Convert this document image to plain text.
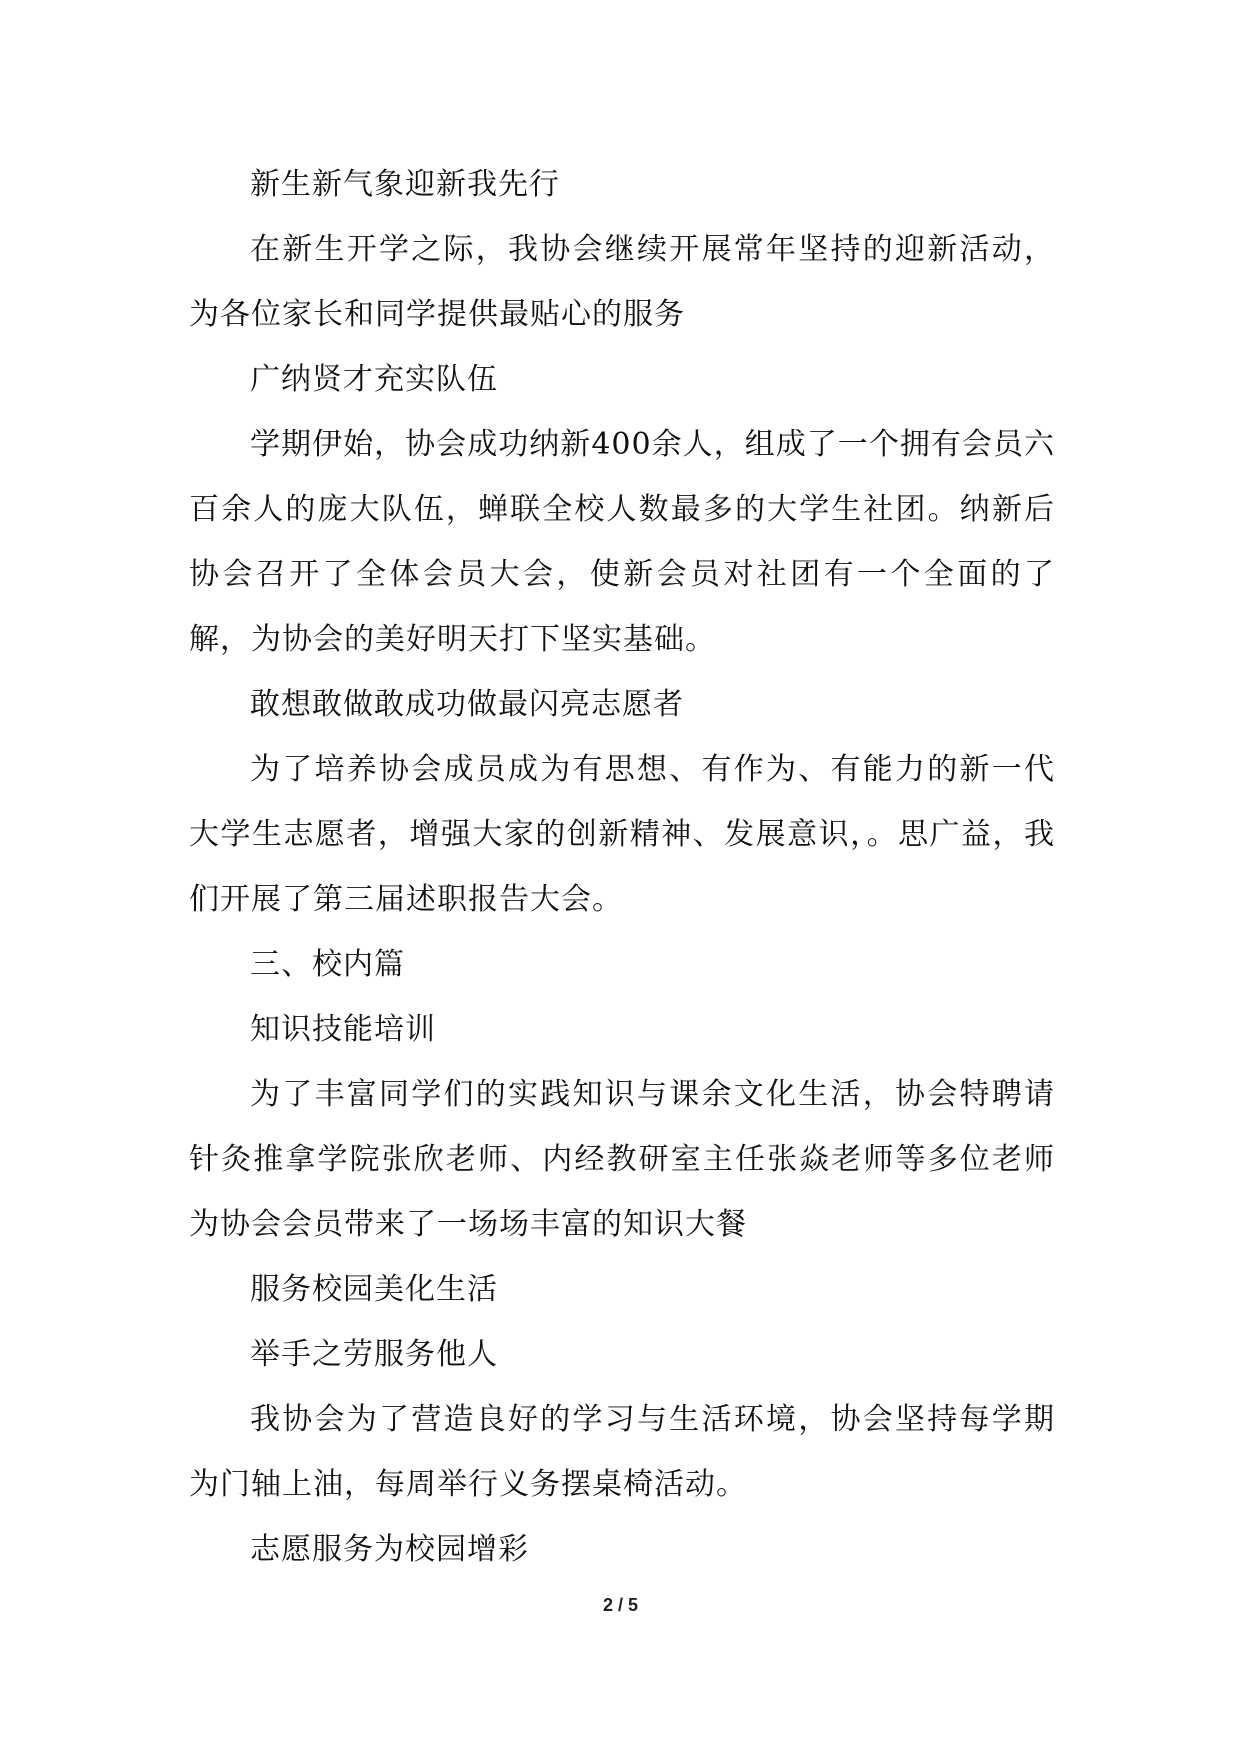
新生新气象迎新我先行

在新生开学之际，我协会继续开展常年坚持的迎新活动，为各位家长和同学提供最贴心的服务

广纳贤才充实队伍

学期伊始，协会成功纳新400余人，组成了一个拥有会员六百余人的庞大队伍，蝉联全校人数最多的大学生社团。纳新后协会召开了全体会员大会，使新会员对社团有一个全面的了解，为协会的美好明天打下坚实基础。

敢想敢做敢成功做最闪亮志愿者

为了培养协会成员成为有思想、有作为、有能力的新一代大学生志愿者，增强大家的创新精神、发展意识，。思广益，我们开展了第三届述职报告大会。

三、校内篇

知识技能培训

为了丰富同学们的实践知识与课余文化生活，协会特聘请针灸推拿学院张欣老师、内经教研室主任张焱老师等多位老师为协会会员带来了一场场丰富的知识大餐

服务校园美化生活

举手之劳服务他人

我协会为了营造良好的学习与生活环境，协会坚持每学期为门轴上油，每周举行义务摆桌椅活动。

志愿服务为校园增彩

2 / 5
